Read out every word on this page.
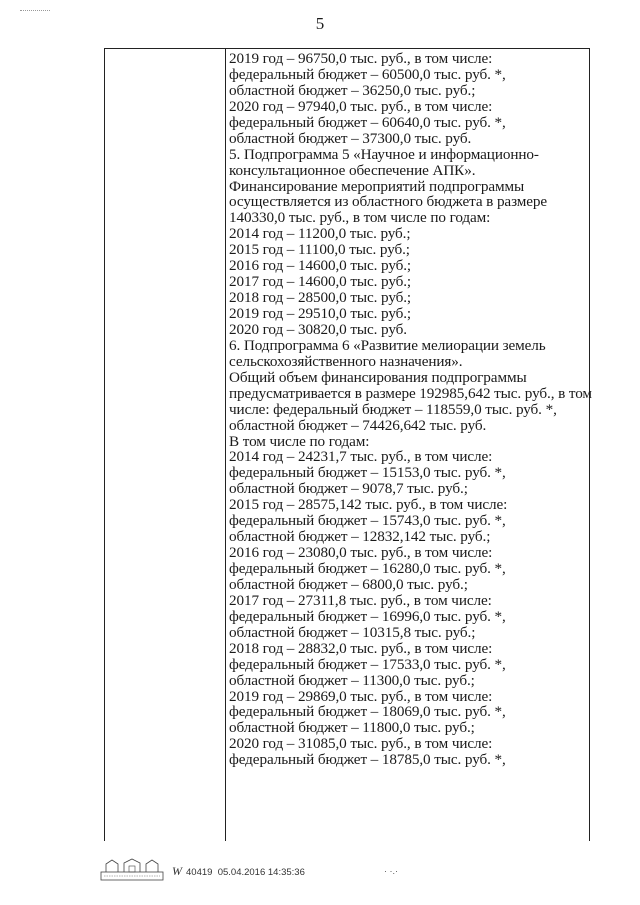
5
2019 год – 96750,0 тыс. руб., в том числе:
федеральный бюджет – 60500,0 тыс. руб. *,
областной бюджет – 36250,0 тыс. руб.;
2020 год – 97940,0 тыс. руб., в том числе:
федеральный бюджет – 60640,0 тыс. руб. *,
областной бюджет – 37300,0 тыс. руб.
5. Подпрограмма 5 «Научное и информационно-
консультационное обеспечение АПК».
Финансирование мероприятий подпрограммы
осуществляется из областного бюджета в размере
140330,0 тыс. руб., в том числе по годам:
2014 год – 11200,0 тыс. руб.;
2015 год – 11100,0 тыс. руб.;
2016 год – 14600,0 тыс. руб.;
2017 год – 14600,0 тыс. руб.;
2018 год – 28500,0 тыс. руб.;
2019 год – 29510,0 тыс. руб.;
2020 год – 30820,0 тыс. руб.
6. Подпрограмма 6 «Развитие мелиорации земель
сельскохозяйственного назначения».
Общий объем финансирования подпрограммы
предусматривается в размере 192985,642 тыс. руб., в том
числе: федеральный бюджет – 118559,0 тыс. руб. *,
областной бюджет – 74426,642 тыс. руб.
В том числе по годам:
2014 год – 24231,7 тыс. руб., в том числе:
федеральный бюджет – 15153,0 тыс. руб. *,
областной бюджет – 9078,7 тыс. руб.;
2015 год – 28575,142 тыс. руб., в том числе:
федеральный бюджет – 15743,0 тыс. руб. *,
областной бюджет – 12832,142 тыс. руб.;
2016 год – 23080,0 тыс. руб., в том числе:
федеральный бюджет – 16280,0 тыс. руб. *,
областной бюджет – 6800,0 тыс. руб.;
2017 год – 27311,8 тыс. руб., в том числе:
федеральный бюджет – 16996,0 тыс. руб. *,
областной бюджет – 10315,8 тыс. руб.;
2018 год – 28832,0 тыс. руб., в том числе:
федеральный бюджет – 17533,0 тыс. руб. *,
областной бюджет – 11300,0 тыс. руб.;
2019 год – 29869,0 тыс. руб., в том числе:
федеральный бюджет – 18069,0 тыс. руб. *,
областной бюджет – 11800,0 тыс. руб.;
2020 год – 31085,0 тыс. руб., в том числе:
федеральный бюджет – 18785,0 тыс. руб. *,
W 40419 05.04.2016 14:35:36	· ·.·
